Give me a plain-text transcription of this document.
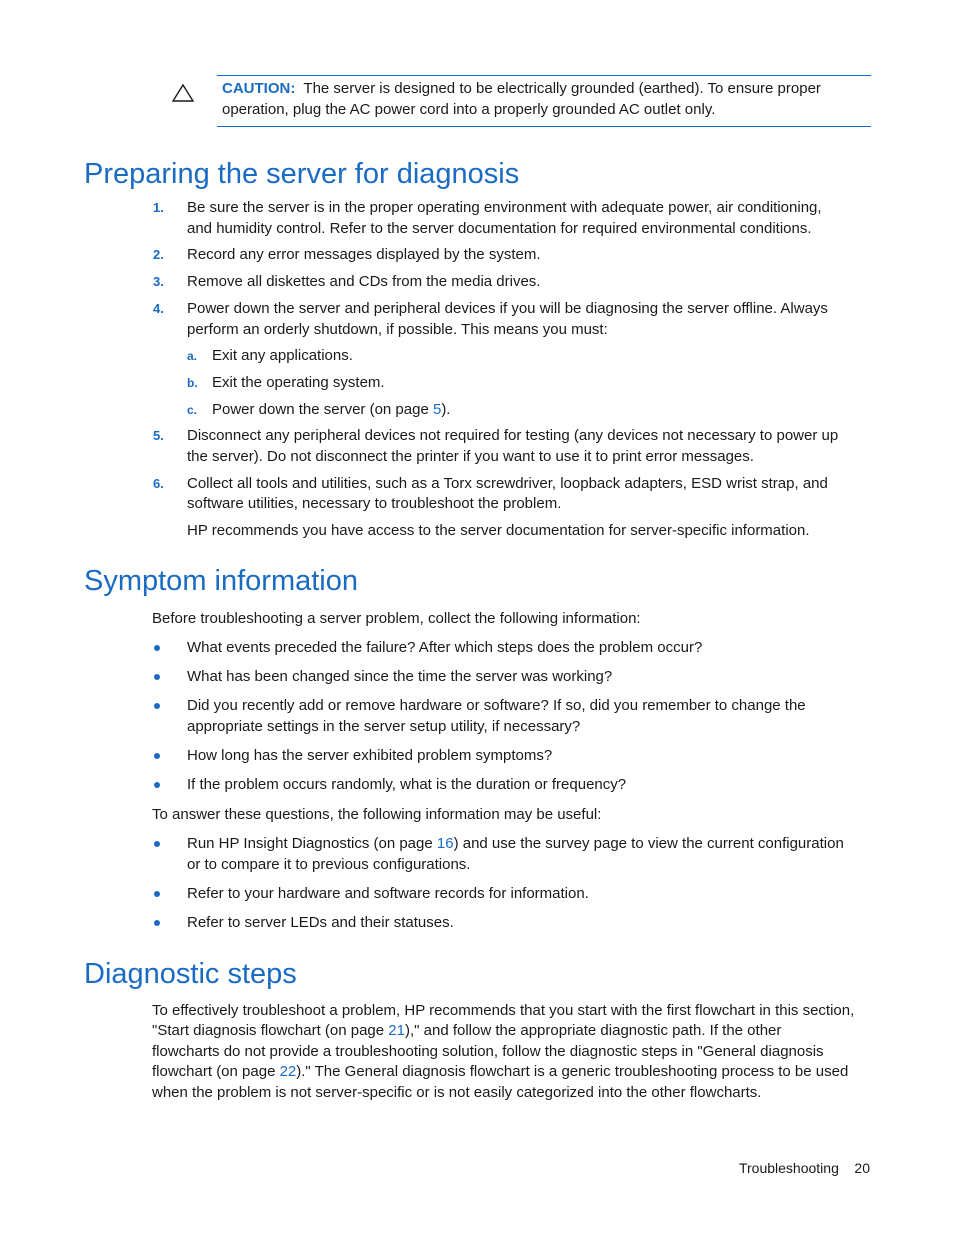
CAUTION: The server is designed to be electrically grounded (earthed). To ensure proper
operation, plug the AC power cord into a properly grounded AC outlet only.
Preparing the server for diagnosis
1. Be sure the server is in the proper operating environment with adequate power, air conditioning,
and humidity control. Refer to the server documentation for required environmental conditions.
2. Record any error messages displayed by the system.
3. Remove all diskettes and CDs from the media drives.
4. Power down the server and peripheral devices if you will be diagnosing the server offline. Always
perform an orderly shutdown, if possible. This means you must:
a. Exit any applications.
b. Exit the operating system.
c. Power down the server (on page 5).
5. Disconnect any peripheral devices not required for testing (any devices not necessary to power up
the server). Do not disconnect the printer if you want to use it to print error messages.
6. Collect all tools and utilities, such as a Torx screwdriver, loopback adapters, ESD wrist strap, and
software utilities, necessary to troubleshoot the problem.
HP recommends you have access to the server documentation for server-specific information.
Symptom information
Before troubleshooting a server problem, collect the following information:
What events preceded the failure? After which steps does the problem occur?
What has been changed since the time the server was working?
Did you recently add or remove hardware or software? If so, did you remember to change the
appropriate settings in the server setup utility, if necessary?
How long has the server exhibited problem symptoms?
If the problem occurs randomly, what is the duration or frequency?
To answer these questions, the following information may be useful:
Run HP Insight Diagnostics (on page 16) and use the survey page to view the current configuration
or to compare it to previous configurations.
Refer to your hardware and software records for information.
Refer to server LEDs and their statuses.
Diagnostic steps
To effectively troubleshoot a problem, HP recommends that you start with the first flowchart in this section,
"Start diagnosis flowchart (on page 21)," and follow the appropriate diagnostic path. If the other
flowcharts do not provide a troubleshooting solution, follow the diagnostic steps in "General diagnosis
flowchart (on page 22)." The General diagnosis flowchart is a generic troubleshooting process to be used
when the problem is not server-specific or is not easily categorized into the other flowcharts.
Troubleshooting 20
